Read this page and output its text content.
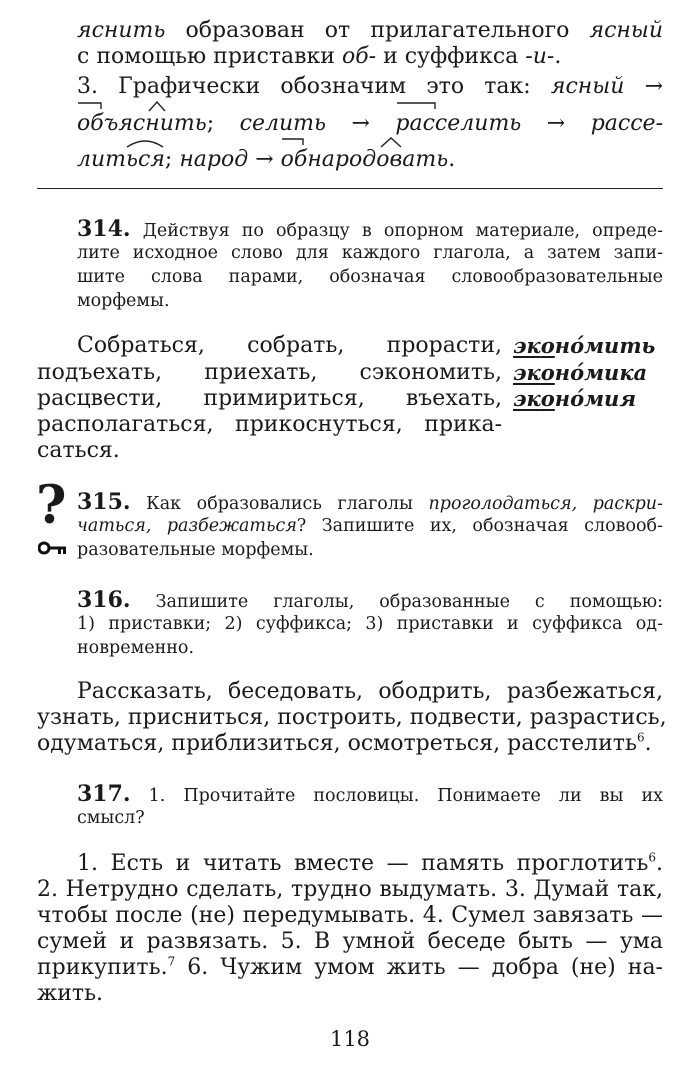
яснить образован от прилагательного ясный
с помощью приставки об- и суффикса -и-.
3. Графически обозначим это так: ясный →
объяснить; селить → расселить → рассе-
литься; народ → обнародовать.
314. Действуя по образцу в опорном материале, опреде-
лите исходное слово для каждого глагола, а затем запи-
шите слова парами, обозначая словообразовательные
морфемы.
Собраться, собрать, прорасти,
подъехать, приехать, сэкономить,
расцвести, примириться, въехать,
располагаться, прикоснуться, прика-
саться.
эконо́мить
эконо́мика
эконо́мия
? 315. Как образовались глаголы проголодаться, раскри-
чаться, разбежаться? Запишите их, обозначая словооб-
разовательные морфемы.
316. Запишите глаголы, образованные с помощью:
1) приставки; 2) суффикса; 3) приставки и суффикса од-
новременно.
Рассказать, беседовать, ободрить, разбежаться,
узнать, присниться, построить, подвести, разрастись,
одуматься, приблизиться, осмотреться, расстелить$^6$.
317. 1. Прочитайте пословицы. Понимаете ли вы их
смысл?
1. Есть и читать вместе — память проглотить$^6$.
2. Нетрудно сделать, трудно выдумать. 3. Думай так,
чтобы после (не) передумывать. 4. Сумел завязать —
сумей и развязать. 5. В умной беседе быть — ума
прикупить.$^7$ 6. Чужим умом жить — добра (не) на-
жить.
118
